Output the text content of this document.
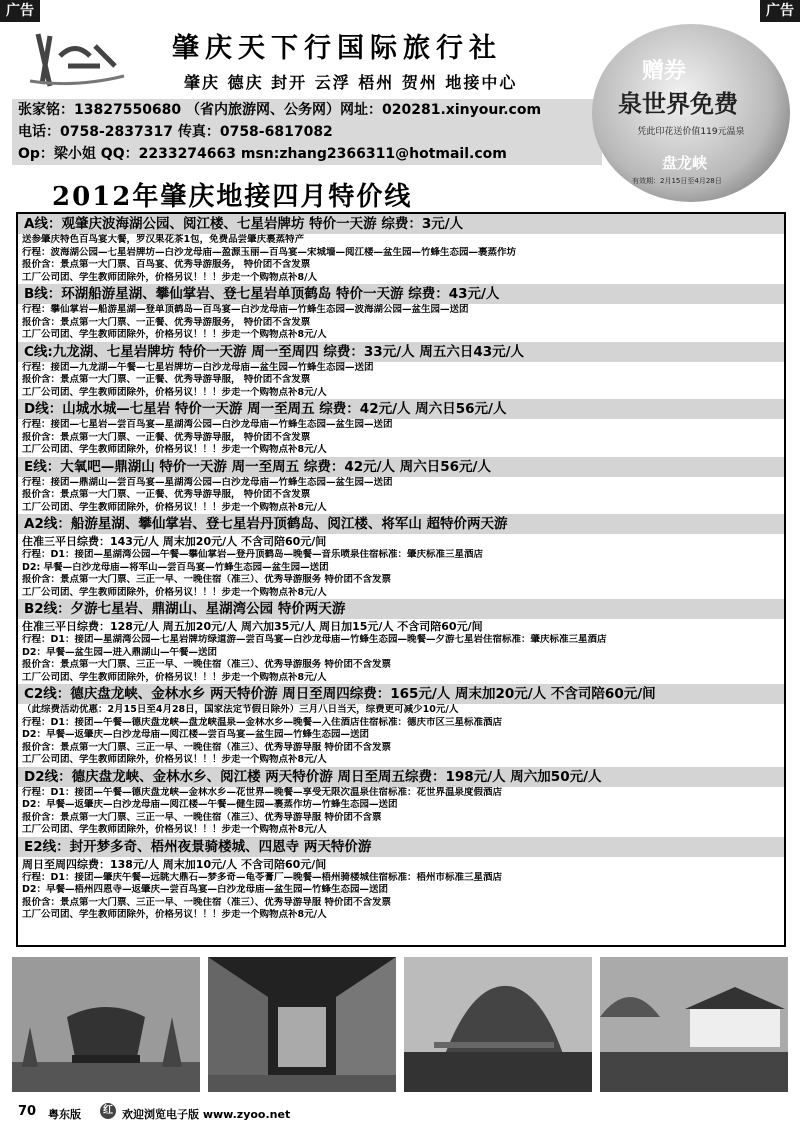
广告	广告
肇庆天下行国际旅行社
肇庆 德庆 封开 云浮 梧州 贺州 地接中心
张家铭：13827550680 （省内旅游网、公务网）网址：020281.xinyour.com
电话：0758-2837317 传真：0758-6817082
Op：梁小姐 QQ：2233274663 msn:zhang2366311@hotmail.com
赠券
泉世界免费
凭此印花送价值119元温泉
盘龙峡
有效期：2月15日至4月28日
2012年肇庆地接四月特价线
A线：观肇庆波海湖公园、阅江楼、七星岩牌坊 特价一天游 综费：3元/人
送参肇庆特色百鸟宴大餐，罗汉果花茶1包，免费品尝肇庆裹蒸特产
行程：波海湖公园—七星岩牌坊—白沙龙母庙—盈源玉丽—百鸟宴—宋城墙—阅江楼—盆生园—竹蜂生态园—裹蒸作坊
报价含：景点第一大门票、百鸟宴、优秀导游服务， 特价团不含发票
工厂公司团、学生教师团除外，价格另议！！！步走一个购物点补8/人
B线：环湖船游星湖、攀仙掌岩、登七星岩单顶鹤岛 特价一天游 综费：43元/人
行程：攀仙掌岩—船游星湖—登单顶鹤岛—百鸟宴—白沙龙母庙—竹蜂生态园—波海湖公园—盆生园—送团
报价含：景点第一大门票、一正餐、优秀导游服务， 特价团不含发票
工厂公司团、学生教师团除外，价格另议！！！步走一个购物点补8元/人
C线:九龙湖、七星岩牌坊 特价一天游 周一至周四 综费：33元/人 周五六日43元/人
行程：接团—九龙湖—午餐—七星岩牌坊—白沙龙母庙—盆生园—竹蜂生态园—送团
报价含：景点第一大门票、一正餐、优秀导游导服， 特价团不含发票
工厂公司团、学生教师团除外，价格另议！！！步走一个购物点补8元/人
D线：山城水城—七星岩 特价一天游 周一至周五 综费：42元/人 周六日56元/人
行程：接团—七星岩—尝百鸟宴—星湖湾公园—白沙龙母庙—竹蜂生态园—盆生园—送团
报价含：景点第一大门票、一正餐、优秀导游导服， 特价团不含发票
工厂公司团、学生教师团除外，价格另议！！！步走一个购物点补8元/人
E线：大氧吧—鼎湖山 特价一天游 周一至周五 综费：42元/人 周六日56元/人
行程：接团—鼎湖山—尝百鸟宴—星湖湾公园—白沙龙母庙—竹蜂生态园—盆生园—送团
报价含：景点第一大门票、一正餐、优秀导游导服， 特价团不含发票
工厂公司团、学生教师团除外，价格另议！！！步走一个购物点补8元/人
A2线：船游星湖、攀仙掌岩、登七星岩丹顶鹤岛、阅江楼、将军山 超特价两天游
住准三平日综费：143元/人 周末加20元/人 不含司陪60元/间
行程：D1：接团—星湖湾公园—午餐—攀仙掌岩—登丹顶鹤岛—晚餐—音乐喷泉住宿标准：肇庆标准三星酒店
D2: 早餐—白沙龙母庙—将军山—尝百鸟宴—竹蜂生态园—盆生园—送团
报价含：景点第一大门票、三正一早、一晚住宿（准三）、优秀导游服务 特价团不含发票
工厂公司团、学生教师团除外，价格另议！！！步走一个购物点补8元/人
B2线：夕游七星岩、鼎湖山、星湖湾公园 特价两天游
住准三平日综费：128元/人 周五加20元/人 周六加35元/人 周日加15元/人 不含司陪60元/间
行程：D1：接团—星湖湾公园—七星岩牌坊绿道游—尝百鸟宴—白沙龙母庙—竹蜂生态园—晚餐—夕游七星岩住宿标准：肇庆标准三星酒店
D2：早餐—盆生园—进入鼎湖山—午餐—送团
报价含：景点第一大门票、三正一早、一晚住宿（准三）、优秀导游服务 特价团不含发票
工厂公司团、学生教师团除外，价格另议！！！步走一个购物点补8元/人
C2线：德庆盘龙峡、金林水乡 两天特价游 周日至周四综费：165元/人 周末加20元/人 不含司陪60元/间
（此综费活动优惠：2月15日至4月28日，国家法定节假日除外）三月八日当天，综费更可减少10元/人
行程：D1：接团—午餐—德庆盘龙峡—盘龙峡温泉—金林水乡—晚餐—入住酒店住宿标准：德庆市区三星标准酒店
D2：早餐—返肇庆—白沙龙母庙—阅江楼—尝百鸟宴—盆生园—竹蜂生态园—送团
报价含：景点第一大门票、三正一早、一晚住宿（准三）、优秀导游导服 特价团不含发票
工厂公司团、学生教师团除外，价格另议！！！步走一个购物点补8元/人
D2线：德庆盘龙峡、金林水乡、阅江楼 两天特价游 周日至周五综费：198元/人 周六加50元/人
行程：D1：接团—午餐—德庆盘龙峡—金林水乡—花世界—晚餐—享受无限次温泉住宿标准：花世界温泉度假酒店
D2：早餐—返肇庆—白沙龙母庙—阅江楼—午餐—健生园—裹蒸作坊—竹蜂生态园—送团
报价含：景点第一大门票、三正一早、一晚住宿（准三）、优秀导游导服 特价团不含票
工厂公司团、学生教师团除外，价格另议！！！步走一个购物点补8元/人
E2线：封开梦多奇、梧州夜景骑楼城、四恩寺 两天特价游
周日至周四综费：138元/人 周末加10元/人 不含司陪60元/间
行程：D1：接团—肇庆午餐—远眺大鼎石—梦多奇—龟苓膏厂—晚餐—梧州骑楼城住宿标准：梧州市标准三星酒店
D2：早餐—梧州四恩寺—返肇庆—尝百鸟宴—白沙龙母庙—盆生园—竹蜂生态园—送团
报价含：景点第一大门票、三正一早、一晚住宿（准三）、优秀导游导服 特价团不含发票
工厂公司团、学生教师团除外，价格另议！！！步走一个购物点补8元/人
70 粤东版	红 欢迎浏览电子版 www.zyoo.net
